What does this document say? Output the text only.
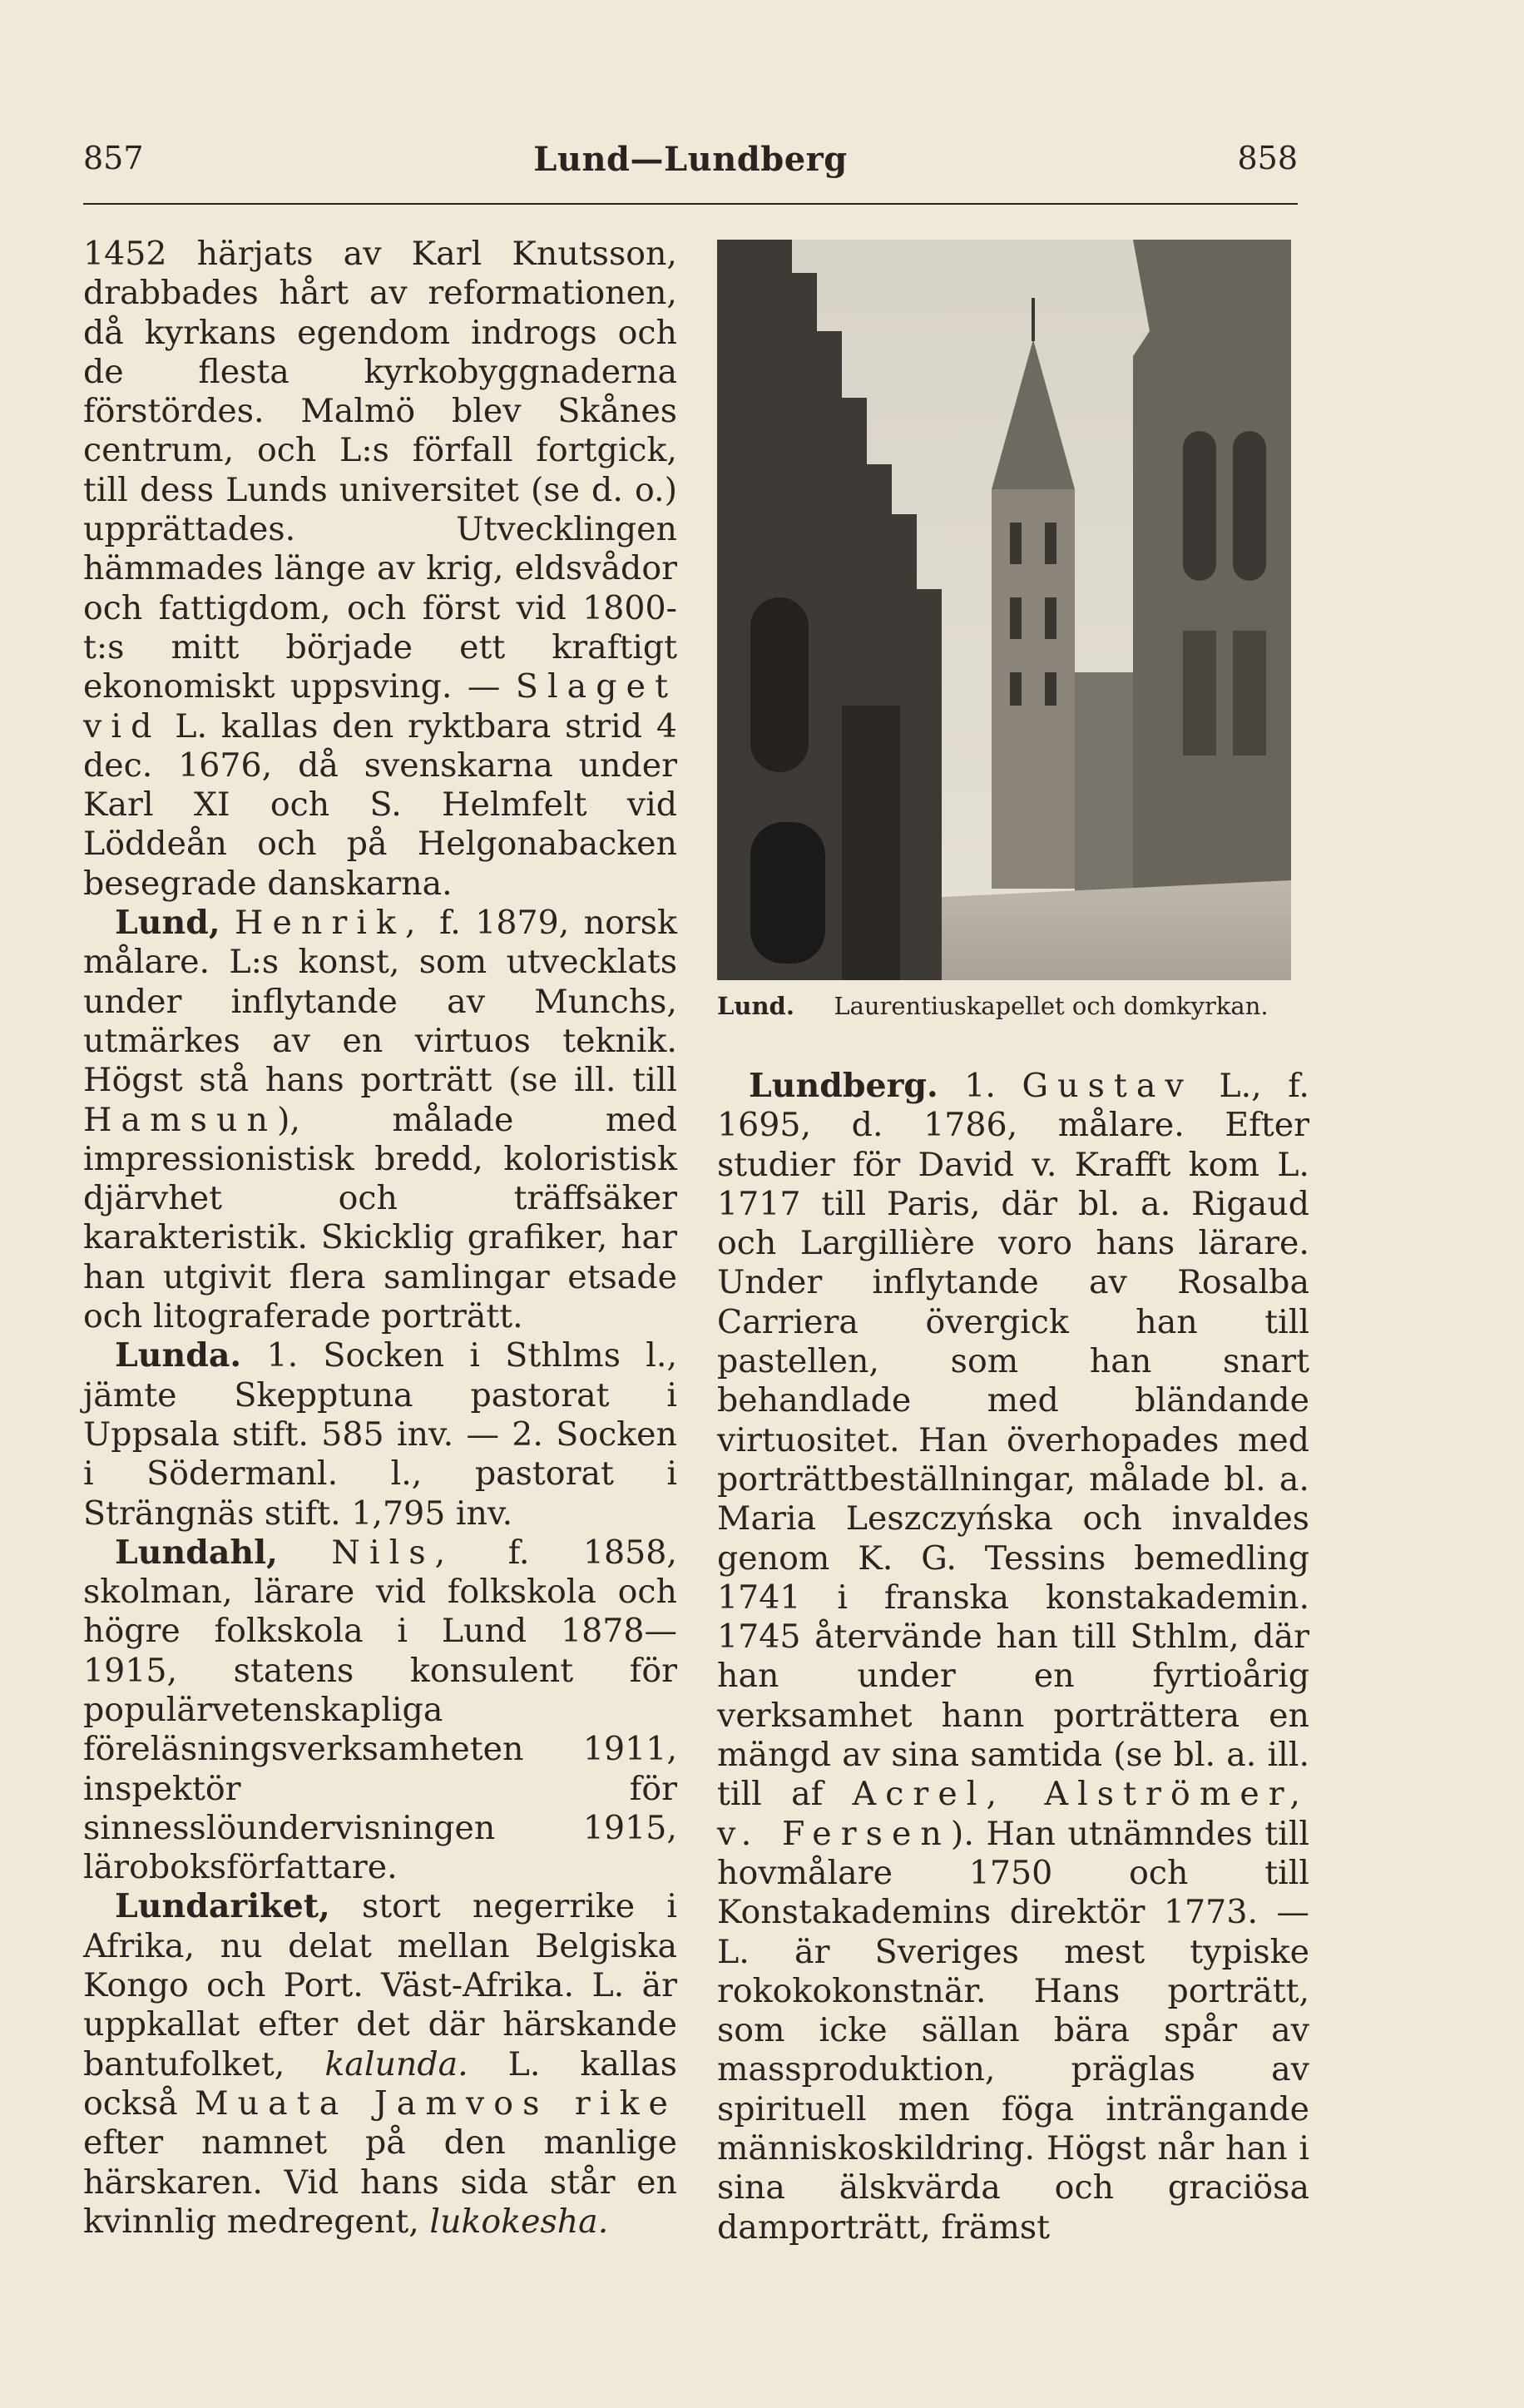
857	Lund—Lundberg	858

1452 härjats av Karl Knutsson, drabbades hårt av reformationen, då kyrkans egendom indrogs och de flesta kyrkobyggnaderna förstördes. Malmö blev Skånes centrum, och L:s förfall fortgick, till dess Lunds universitet (se d. o.) upprättades. Utvecklingen hämmades länge av krig, eldsvådor och fattigdom, och först vid 1800-t:s mitt började ett kraftigt ekonomiskt uppsving. — Slaget vid L. kallas den ryktbara strid 4 dec. 1676, då svenskarna under Karl XI och S. Helmfelt vid Löddeån och på Helgonabacken besegrade danskarna.

Lund, Henrik, f. 1879, norsk målare. L:s konst, som utvecklats under inflytande av Munchs, utmärkes av en virtuos teknik. Högst stå hans porträtt (se ill. till Hamsun), målade med impressionistisk bredd, koloristisk djärvhet och träffsäker karakteristik. Skicklig grafiker, har han utgivit flera samlingar etsade och litograferade porträtt.

Lunda. 1. Socken i Sthlms l., jämte Skepptuna pastorat i Uppsala stift. 585 inv. — 2. Socken i Södermanl. l., pastorat i Strängnäs stift. 1,795 inv.

Lundahl, Nils, f. 1858, skolman, lärare vid folkskola och högre folkskola i Lund 1878—1915, statens konsulent för populärvetenskapliga föreläsningsverksamheten 1911, inspektör för sinnesslöundervisningen 1915, läroboksförfattare.

Lundariket, stort negerrike i Afrika, nu delat mellan Belgiska Kongo och Port. Väst-Afrika. L. är uppkallat efter det där härskande bantufolket, kalunda. L. kallas också Muata Jamvos rike efter namnet på den manlige härskaren. Vid hans sida står en kvinnlig medregent, lukokesha.

Lund. Laurentiuskapellet och domkyrkan.

Lundberg. 1. Gustav L., f. 1695, d. 1786, målare. Efter studier för David v. Krafft kom L. 1717 till Paris, där bl. a. Rigaud och Largillière voro hans lärare. Under inflytande av Rosalba Carriera övergick han till pastellen, som han snart behandlade med bländande virtuositet. Han överhopades med porträttbeställningar, målade bl. a. Maria Leszczyńska och invaldes genom K. G. Tessins bemedling 1741 i franska konstakademin. 1745 återvände han till Sthlm, där han under en fyrtioårig verksamhet hann porträttera en mängd av sina samtida (se bl. a. ill. till af Acrel, Alströmer, v. Fersen). Han utnämndes till hovmålare 1750 och till Konstakademins direktör 1773. — L. är Sveriges mest typiske rokokokonstnär. Hans porträtt, som icke sällan bära spår av massproduktion, präglas av spirituell men föga inträngande människoskildring. Högst når han i sina älskvärda och graciösa damporträtt, främst
